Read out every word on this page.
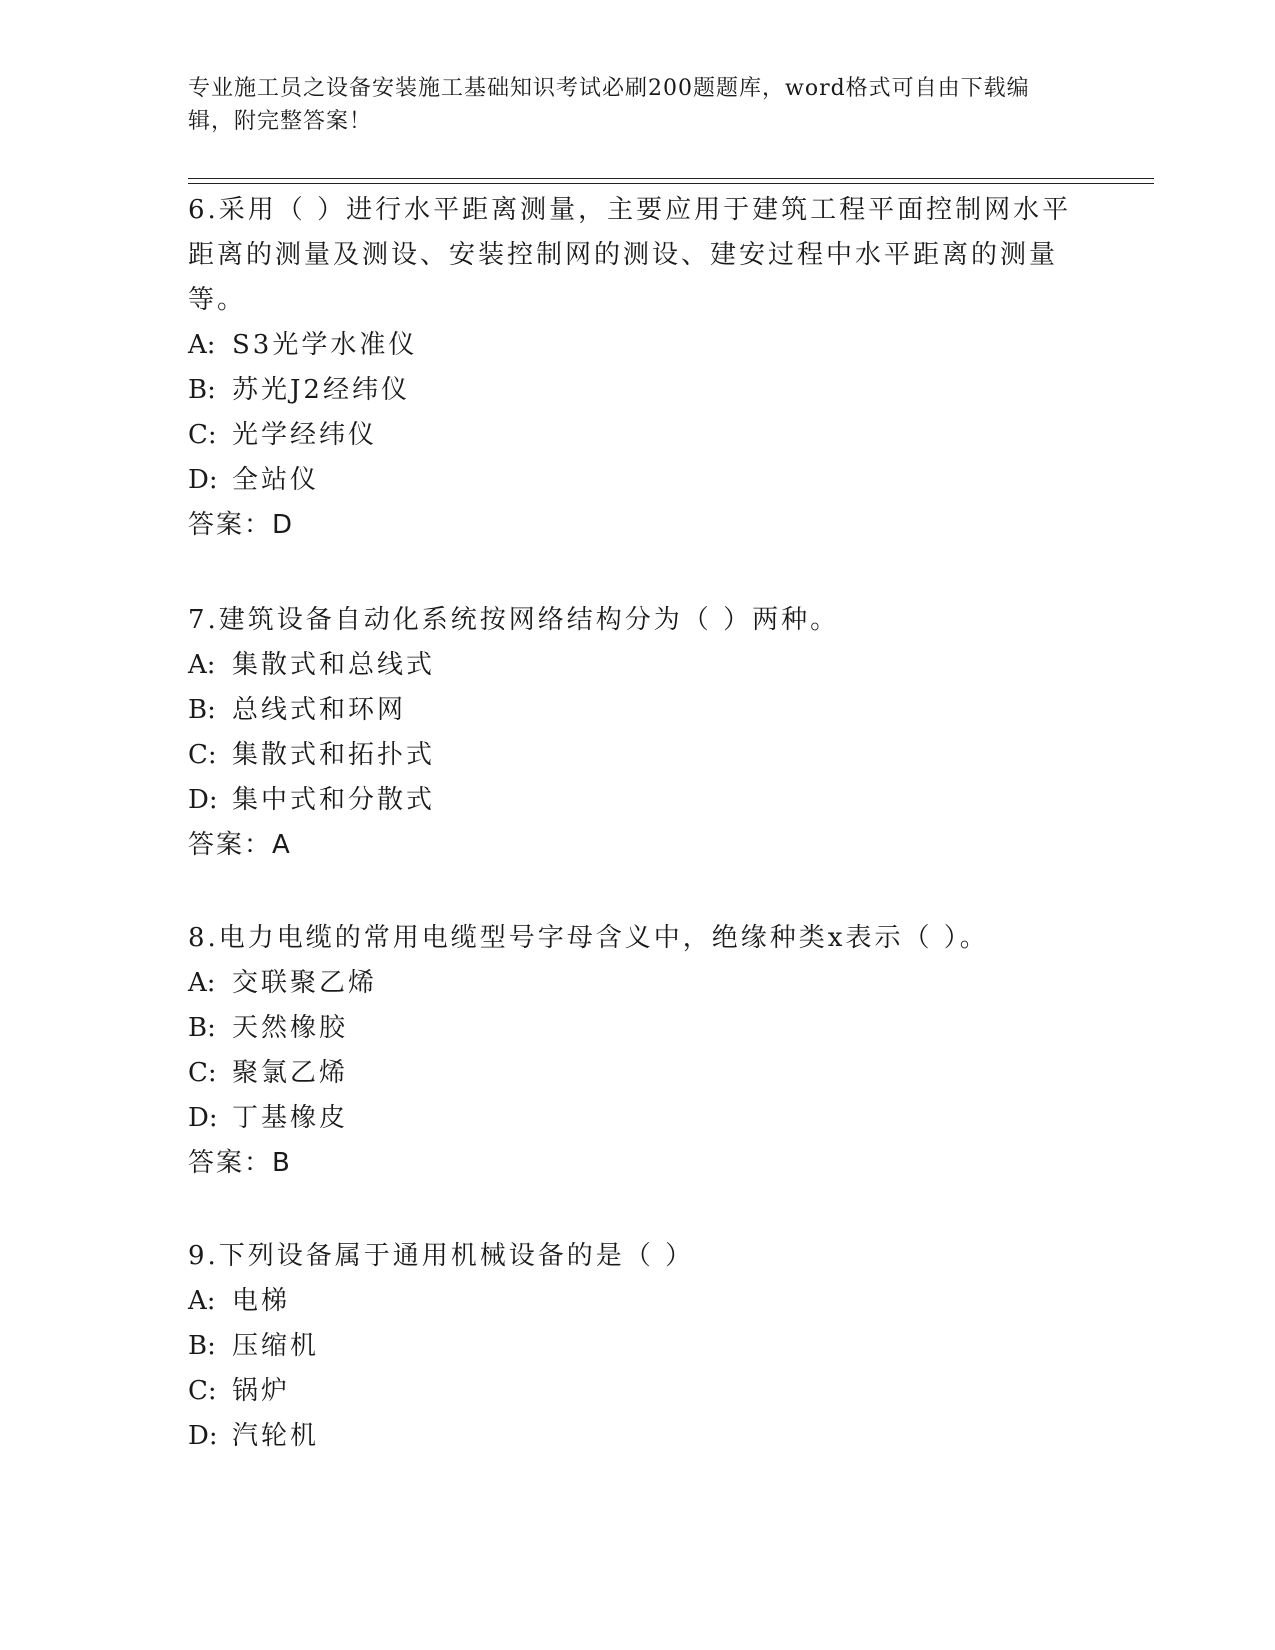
专业施工员之设备安装施工基础知识考试必刷200题题库，word格式可自由下载编辑，附完整答案！

6.采用（ ）进行水平距离测量，主要应用于建筑工程平面控制网水平距离的测量及测设、安装控制网的测设、建安过程中水平距离的测量等。

A: S3光学水准仪

B: 苏光J2经纬仪

C: 光学经纬仪

D: 全站仪

答案：D

7.建筑设备自动化系统按网络结构分为（ ）两种。

A: 集散式和总线式

B: 总线式和环网

C: 集散式和拓扑式

D: 集中式和分散式

答案：A

8.电力电缆的常用电缆型号字母含义中，绝缘种类x表示（ ）。

A: 交联聚乙烯

B: 天然橡胶

C: 聚氯乙烯

D: 丁基橡皮

答案：B

9.下列设备属于通用机械设备的是（ ）

A: 电梯

B: 压缩机

C: 锅炉

D: 汽轮机
